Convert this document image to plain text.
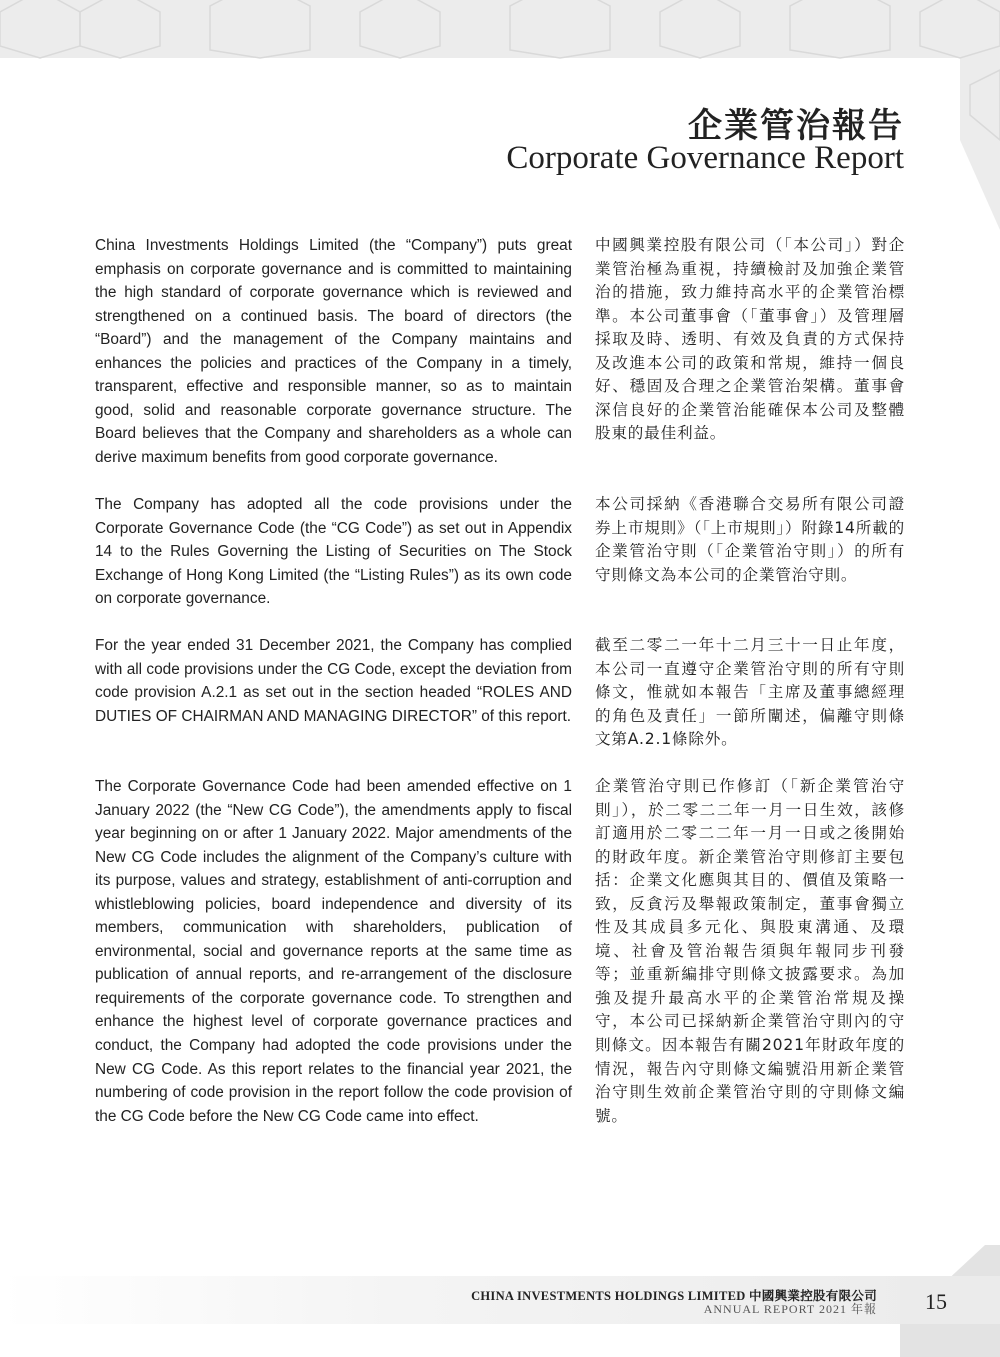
企業管治報告
Corporate Governance Report

China Investments Holdings Limited (the “Company”) puts great emphasis on corporate governance and is committed to maintaining the high standard of corporate governance which is reviewed and strengthened on a continued basis. The board of directors (the “Board”) and the management of the Company maintains and enhances the policies and practices of the Company in a timely, transparent, effective and responsible manner, so as to maintain good, solid and reasonable corporate governance structure. The Board believes that the Company and shareholders as a whole can derive maximum benefits from good corporate governance.

The Company has adopted all the code provisions under the Corporate Governance Code (the “CG Code”) as set out in Appendix 14 to the Rules Governing the Listing of Securities on The Stock Exchange of Hong Kong Limited (the “Listing Rules”) as its own code on corporate governance.

For the year ended 31 December 2021, the Company has complied with all code provisions under the CG Code, except the deviation from code provision A.2.1 as set out in the section headed “ROLES AND DUTIES OF CHAIRMAN AND MANAGING DIRECTOR” of this report.

The Corporate Governance Code had been amended effective on 1 January 2022 (the “New CG Code”), the amendments apply to fiscal year beginning on or after 1 January 2022. Major amendments of the New CG Code includes the alignment of the Company’s culture with its purpose, values and strategy, establishment of anti-corruption and whistleblowing policies, board independence and diversity of its members, communication with shareholders, publication of environmental, social and governance reports at the same time as publication of annual reports, and re-arrangement of the disclosure requirements of the corporate governance code. To strengthen and enhance the highest level of corporate governance practices and conduct, the Company had adopted the code provisions under the New CG Code. As this report relates to the financial year 2021, the numbering of code provision in the report follow the code provision of the CG Code before the New CG Code came into effect.

中國興業控股有限公司（「本公司」）對企業管治極為重視，持續檢討及加強企業管治的措施，致力維持高水平的企業管治標準。本公司董事會（「董事會」）及管理層採取及時、透明、有效及負責的方式保持及改進本公司的政策和常規，維持一個良好、穩固及合理之企業管治架構。董事會深信良好的企業管治能確保本公司及整體股東的最佳利益。

本公司採納《香港聯合交易所有限公司證券上市規則》（「上市規則」）附錄14所載的企業管治守則（「企業管治守則」）的所有守則條文為本公司的企業管治守則。

截至二零二一年十二月三十一日止年度，本公司一直遵守企業管治守則的所有守則條文，惟就如本報告「主席及董事總經理的角色及責任」一節所闡述，偏離守則條文第A.2.1條除外。

企業管治守則已作修訂（「新企業管治守則」），於二零二二年一月一日生效，該修訂適用於二零二二年一月一日或之後開始的財政年度。新企業管治守則修訂主要包括：企業文化應與其目的、價值及策略一致，反貪污及舉報政策制定，董事會獨立性及其成員多元化、與股東溝通、及環境、社會及管治報告須與年報同步刊發等；並重新編排守則條文披露要求。為加強及提升最高水平的企業管治常規及操守，本公司已採納新企業管治守則內的守則條文。因本報告有關2021年財政年度的情況，報告內守則條文編號沿用新企業管治守則生效前企業管治守則的守則條文編號。

CHINA INVESTMENTS HOLDINGS LIMITED 中國興業控股有限公司
ANNUAL REPORT 2021 年報 15
